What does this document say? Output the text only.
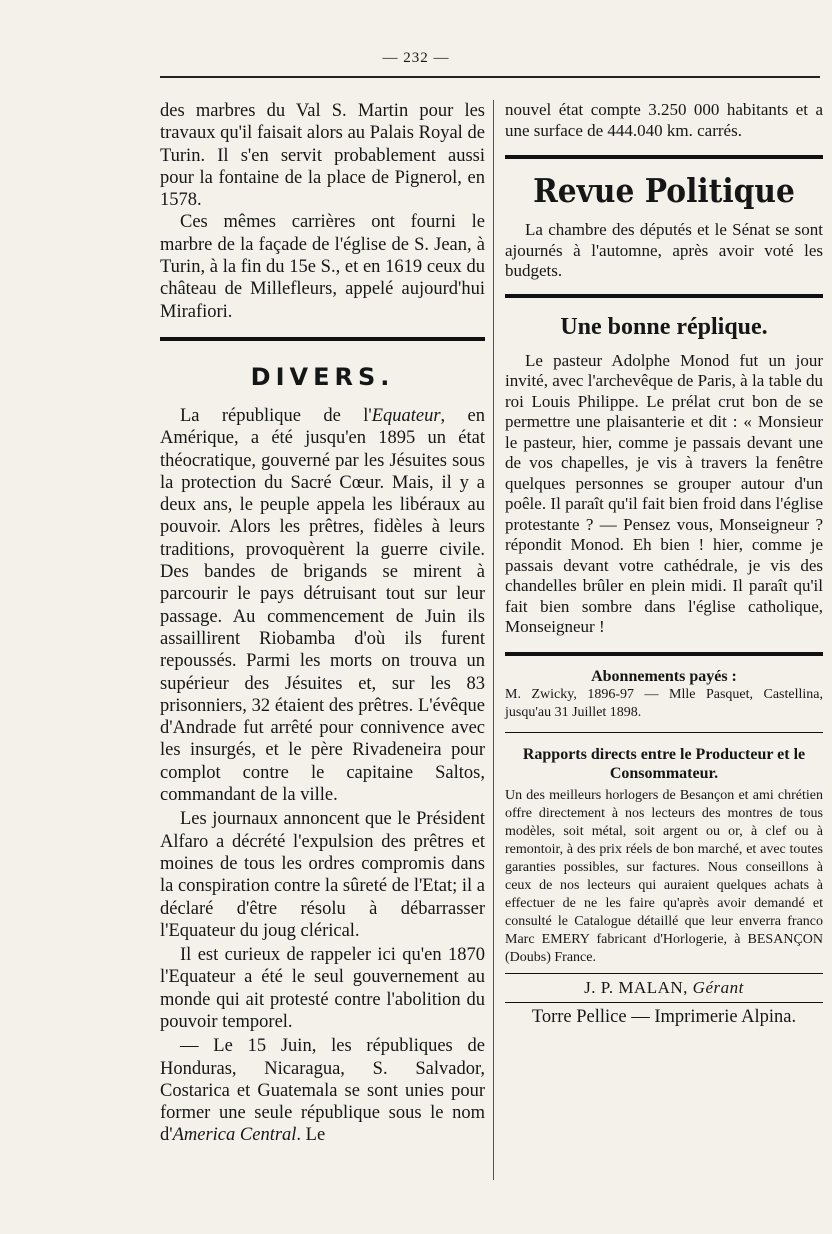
— 232 —

des marbres du Val S. Martin pour les travaux qu'il faisait alors au Palais Royal de Turin. Il s'en servit probablement aussi pour la fontaine de la place de Pignerol, en 1578.

Ces mêmes carrières ont fourni le marbre de la façade de l'église de S. Jean, à Turin, à la fin du 15e S., et en 1619 ceux du château de Millefleurs, appelé aujourd'hui Mirafiori.

DIVERS.

La république de l'Equateur, en Amérique, a été jusqu'en 1895 un état théocratique, gouverné par les Jésuites sous la protection du Sacré Cœur. Mais, il y a deux ans, le peuple appela les libéraux au pouvoir. Alors les prêtres, fidèles à leurs traditions, provoquèrent la guerre civile. Des bandes de brigands se mirent à parcourir le pays détruisant tout sur leur passage. Au commencement de Juin ils assaillirent Riobamba d'où ils furent repoussés. Parmi les morts on trouva un supérieur des Jésuites et, sur les 83 prisonniers, 32 étaient des prêtres. L'évêque d'Andrade fut arrêté pour connivence avec les insurgés, et le père Rivadeneira pour complot contre le capitaine Saltos, commandant de la ville.

Les journaux annoncent que le Président Alfaro a décrété l'expulsion des prêtres et moines de tous les ordres compromis dans la conspiration contre la sûreté de l'Etat; il a déclaré d'être résolu à débarrasser l'Equateur du joug clérical.

Il est curieux de rappeler ici qu'en 1870 l'Equateur a été le seul gouvernement au monde qui ait protesté contre l'abolition du pouvoir temporel.

— Le 15 Juin, les républiques de Honduras, Nicaragua, S. Salvador, Costarica et Guatemala se sont unies pour former une seule république sous le nom d'America Central. Le

nouvel état compte 3.250 000 habitants et a une surface de 444.040 km. carrés.

Revue Politique

La chambre des députés et le Sénat se sont ajournés à l'automne, après avoir voté les budgets.

Une bonne réplique.

Le pasteur Adolphe Monod fut un jour invité, avec l'archevêque de Paris, à la table du roi Louis Philippe. Le prélat crut bon de se permettre une plaisanterie et dit : « Monsieur le pasteur, hier, comme je passais devant une de vos chapelles, je vis à travers la fenêtre quelques personnes se grouper autour d'un poêle. Il paraît qu'il fait bien froid dans l'église protestante ? — Pensez vous, Monseigneur ? répondit Monod. Eh bien ! hier, comme je passais devant votre cathédrale, je vis des chandelles brûler en plein midi. Il paraît qu'il fait bien sombre dans l'église catholique, Monseigneur !

Abonnements payés :

M. Zwicky, 1896-97 — Mlle Pasquet, Castellina, jusqu'au 31 Juillet 1898.

Rapports directs entre le Producteur et le Consommateur.

Un des meilleurs horlogers de Besançon et ami chrétien offre directement à nos lecteurs des montres de tous modèles, soit métal, soit argent ou or, à clef ou à remontoir, à des prix réels de bon marché, et avec toutes garanties possibles, sur factures. Nous conseillons à ceux de nos lecteurs qui auraient quelques achats à effectuer de ne les faire qu'après avoir demandé et consulté le Catalogue détaillé que leur enverra franco Marc EMERY fabricant d'Horlogerie, à BESANÇON (Doubs) France.

J. P. MALAN, Gérant
Torre Pellice — Imprimerie Alpina.
